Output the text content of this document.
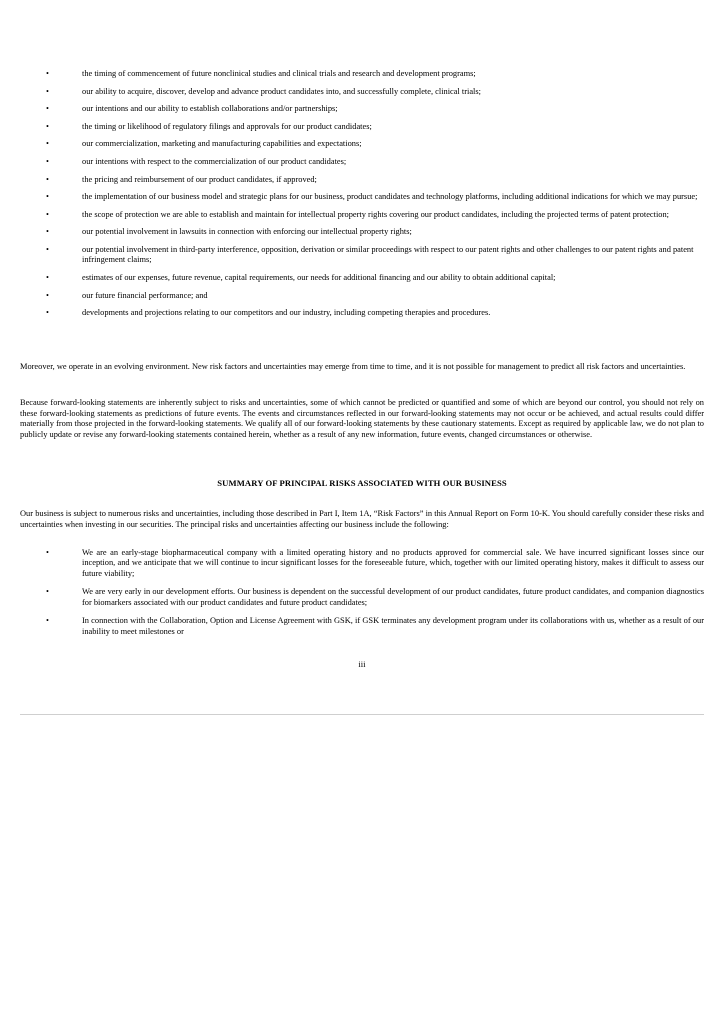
•	the timing of commencement of future nonclinical studies and clinical trials and research and development programs;
•	our ability to acquire, discover, develop and advance product candidates into, and successfully complete, clinical trials;
•	our intentions and our ability to establish collaborations and/or partnerships;
•	the timing or likelihood of regulatory filings and approvals for our product candidates;
•	our commercialization, marketing and manufacturing capabilities and expectations;
•	our intentions with respect to the commercialization of our product candidates;
•	the pricing and reimbursement of our product candidates, if approved;
•	the implementation of our business model and strategic plans for our business, product candidates and technology platforms, including additional indications for which we may pursue;
•	the scope of protection we are able to establish and maintain for intellectual property rights covering our product candidates, including the projected terms of patent protection;
•	our potential involvement in lawsuits in connection with enforcing our intellectual property rights;
•	our potential involvement in third-party interference, opposition, derivation or similar proceedings with respect to our patent rights and other challenges to our patent rights and patent infringement claims;
•	estimates of our expenses, future revenue, capital requirements, our needs for additional financing and our ability to obtain additional capital;
•	our future financial performance; and
•	developments and projections relating to our competitors and our industry, including competing therapies and procedures.

Moreover, we operate in an evolving environment. New risk factors and uncertainties may emerge from time to time, and it is not possible for management to predict all risk factors and uncertainties.

Because forward-looking statements are inherently subject to risks and uncertainties, some of which cannot be predicted or quantified and some of which are beyond our control, you should not rely on these forward-looking statements as predictions of future events. The events and circumstances reflected in our forward-looking statements may not occur or be achieved, and actual results could differ materially from those projected in the forward-looking statements. We qualify all of our forward-looking statements by these cautionary statements. Except as required by applicable law, we do not plan to publicly update or revise any forward-looking statements contained herein, whether as a result of any new information, future events, changed circumstances or otherwise.

SUMMARY OF PRINCIPAL RISKS ASSOCIATED WITH OUR BUSINESS

Our business is subject to numerous risks and uncertainties, including those described in Part I, Item 1A, “Risk Factors” in this Annual Report on Form 10-K. You should carefully consider these risks and uncertainties when investing in our securities. The principal risks and uncertainties affecting our business include the following:

•	We are an early-stage biopharmaceutical company with a limited operating history and no products approved for commercial sale. We have incurred significant losses since our inception, and we anticipate that we will continue to incur significant losses for the foreseeable future, which, together with our limited operating history, makes it difficult to assess our future viability;
•	We are very early in our development efforts. Our business is dependent on the successful development of our product candidates, future product candidates, and companion diagnostics for biomarkers associated with our product candidates and future product candidates;
•	In connection with the Collaboration, Option and License Agreement with GSK, if GSK terminates any development program under its collaborations with us, whether as a result of our inability to meet milestones or
iii
